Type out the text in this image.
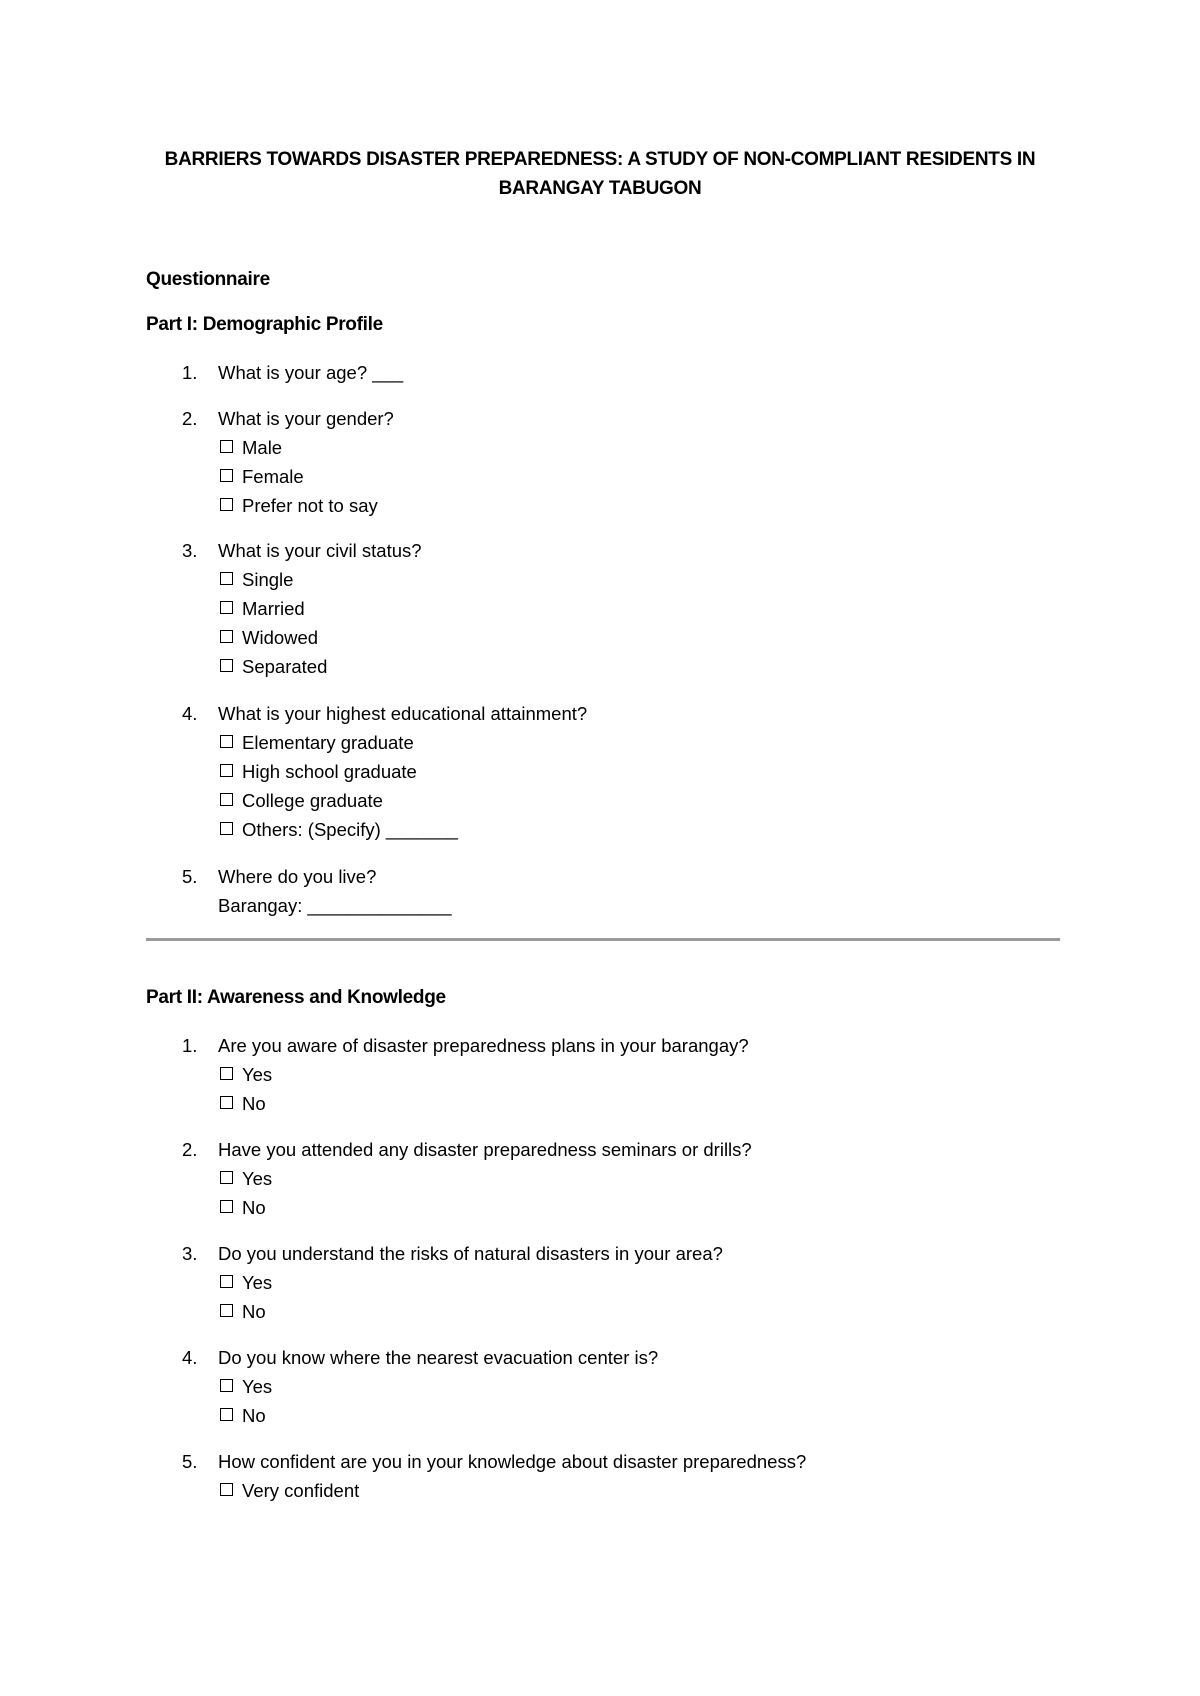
BARRIERS TOWARDS DISASTER PREPAREDNESS: A STUDY OF NON-COMPLIANT RESIDENTS IN
BARANGAY TABUGON
Questionnaire
Part I: Demographic Profile
1.	What is your age? ___
2.	What is your gender?
Male
Female
Prefer not to say
3.	What is your civil status?
Single
Married
Widowed
Separated
4.	What is your highest educational attainment?
Elementary graduate
High school graduate
College graduate
Others: (Specify) _______
5.	Where do you live?
Barangay: ______________
Part II: Awareness and Knowledge
1.	Are you aware of disaster preparedness plans in your barangay?
Yes
No
2.	Have you attended any disaster preparedness seminars or drills?
Yes
No
3.	Do you understand the risks of natural disasters in your area?
Yes
No
4.	Do you know where the nearest evacuation center is?
Yes
No
5.	How confident are you in your knowledge about disaster preparedness?
Very confident
